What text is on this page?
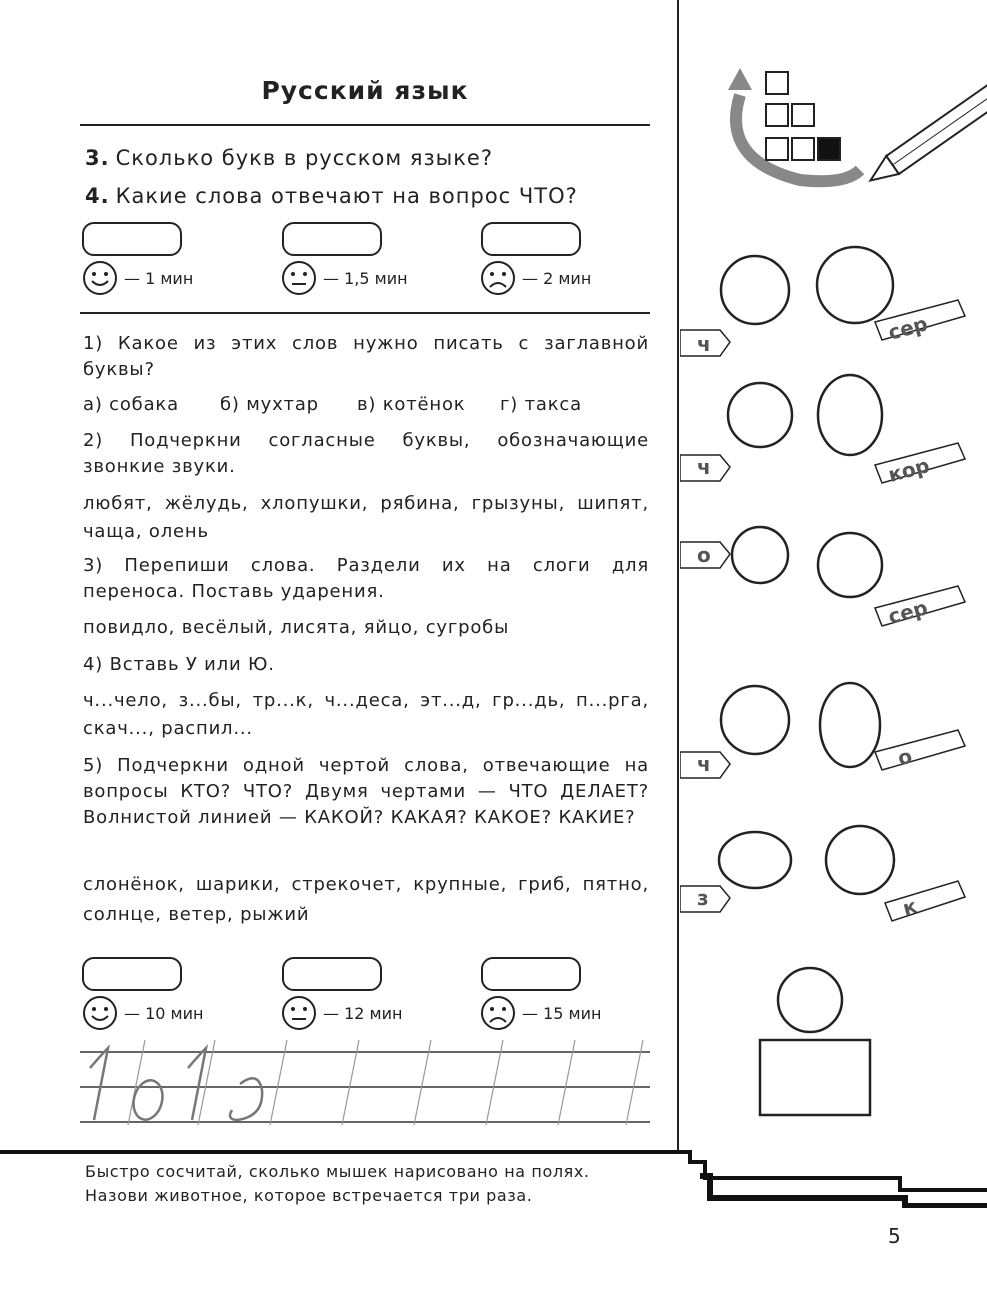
Русский язык
3. Сколько букв в русском языке?
4. Какие слова отвечают на вопрос ЧТО?
— 1 мин	— 1,5 мин	— 2 мин
1) Какое из этих слов нужно писать с заглавной буквы?
а) собака	б) мухтар	в) котёнок	г) такса
2) Подчеркни согласные буквы, обозначающие звонкие звуки.
любят, жёлудь, хлопушки, рябина, грызуны, шипят, чаща, олень
3) Перепиши слова. Раздели их на слоги для переноса. Поставь ударения.
повидло, весёлый, лисята, яйцо, сугробы
4) Вставь У или Ю.
ч...чело, з...бы, тр...к, ч...деса, эт...д, гр...дь, п...рга, скач..., распил...
5) Подчеркни одной чертой слова, отвечающие на вопросы КТО? ЧТО? Двумя чертами — ЧТО ДЕЛАЕТ? Волнистой линией — КАКОЙ? КАКАЯ? КАКОЕ? КАКИЕ?
слонёнок, шарики, стрекочет, крупные, гриб, пятно, солнце, ветер, рыжий
— 10 мин	— 12 мин	— 15 мин
Быстро сосчитай, сколько мышек нарисовано на полях.
Назови животное, которое встречается три раза.
5
ч	сер
ч	кор
о
сер
ч	о
з	к
